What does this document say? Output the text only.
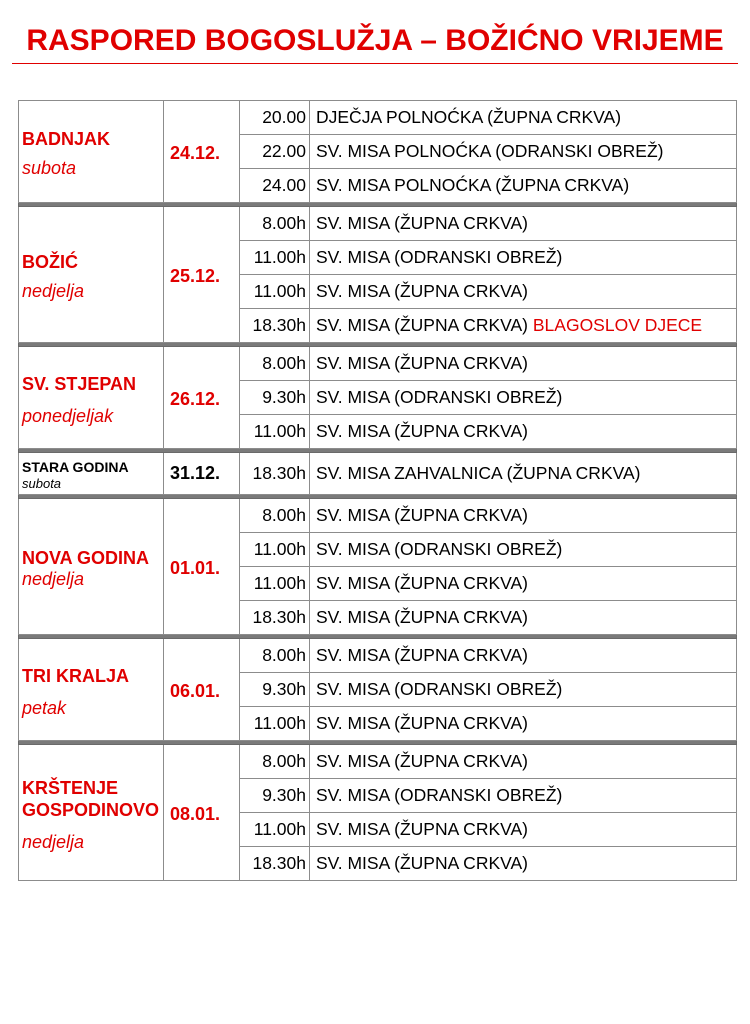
RASPORED BOGOSLUŽJA – BOŽIĆNO VRIJEME
BADNJAK
subota	24.12.	20.00	DJEČJA POLNOĆKA (ŽUPNA CRKVA)
		22.00	SV. MISA POLNOĆKA (ODRANSKI OBREŽ)
		24.00	SV. MISA POLNOĆKA (ŽUPNA CRKVA)

BOŽIĆ
nedjelja	25.12.	8.00h	SV. MISA (ŽUPNA CRKVA)
		11.00h	SV. MISA (ODRANSKI OBREŽ)
		11.00h	SV. MISA (ŽUPNA CRKVA)
		18.30h	SV. MISA (ŽUPNA CRKVA) BLAGOSLOV DJECE

SV. STJEPAN
ponedjeljak	26.12.	8.00h	SV. MISA (ŽUPNA CRKVA)
		9.30h	SV. MISA (ODRANSKI OBREŽ)
		11.00h	SV. MISA (ŽUPNA CRKVA)

STARA GODINA
subota	31.12.	18.30h	SV. MISA ZAHVALNICA (ŽUPNA CRKVA)

NOVA GODINA
nedjelja	01.01.	8.00h	SV. MISA (ŽUPNA CRKVA)
		11.00h	SV. MISA (ODRANSKI OBREŽ)
		11.00h	SV. MISA (ŽUPNA CRKVA)
		18.30h	SV. MISA (ŽUPNA CRKVA)

TRI KRALJA
petak	06.01.	8.00h	SV. MISA (ŽUPNA CRKVA)
		9.30h	SV. MISA (ODRANSKI OBREŽ)
		11.00h	SV. MISA (ŽUPNA CRKVA)

KRŠTENJE
GOSPODINOVO
nedjelja	08.01.	8.00h	SV. MISA (ŽUPNA CRKVA)
		9.30h	SV. MISA (ODRANSKI OBREŽ)
		11.00h	SV. MISA (ŽUPNA CRKVA)
		18.30h	SV. MISA (ŽUPNA CRKVA)
